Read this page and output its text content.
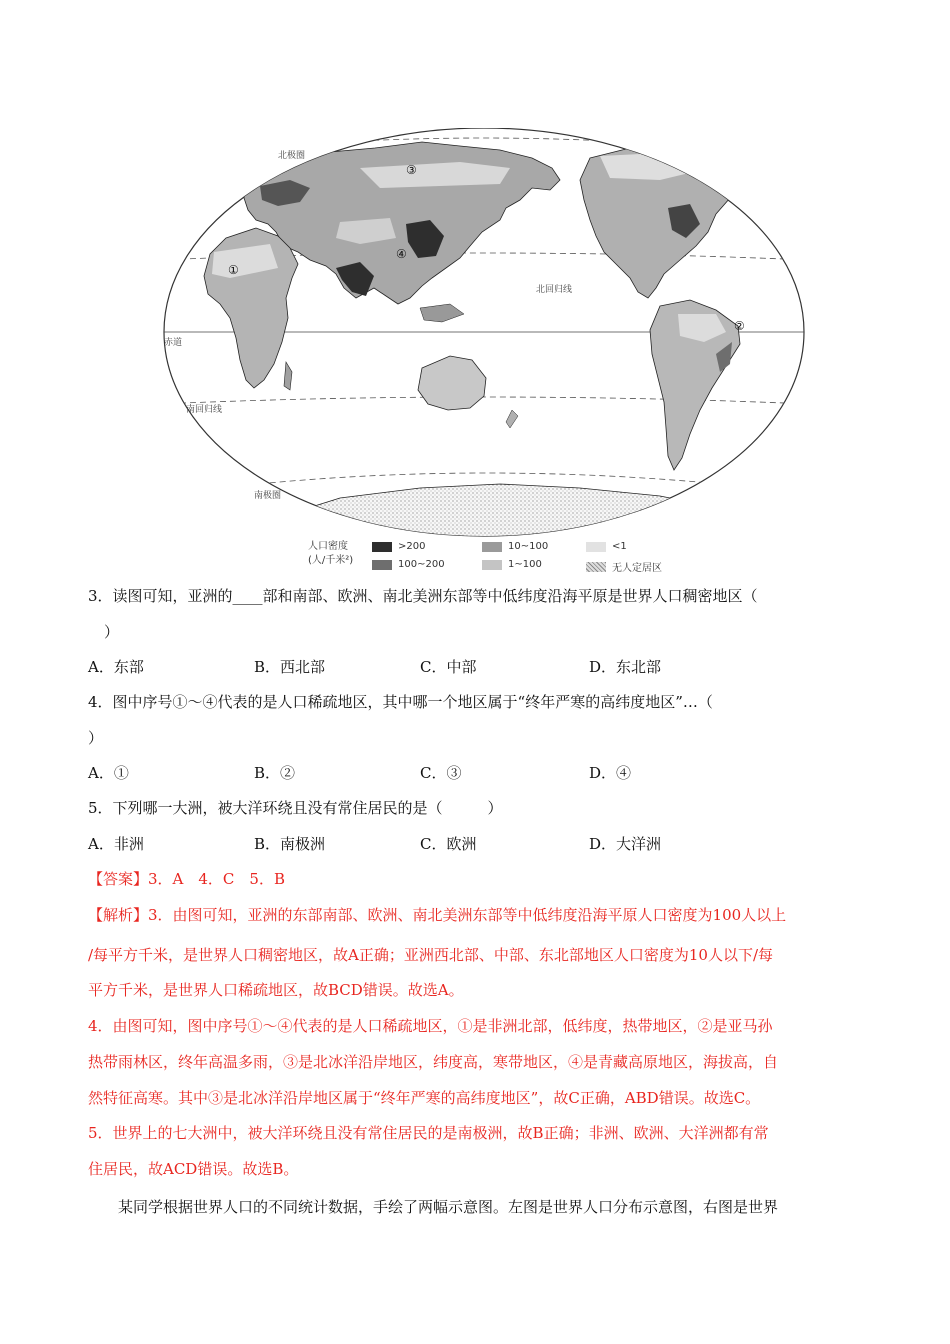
北极圈
北回归线
赤道
南回归线
南极圈
①
②
③
④
人口密度
(人/千米²)
>200
100~200
10~100
1~100
<1
无人定居区
3．读图可知，亚洲的____部和南部、欧洲、南北美洲东部等中低纬度沿海平原是世界人口稠密地区（
）
A．东部	B．西北部	C．中部	D．东北部
4．图中序号①～④代表的是人口稀疏地区，其中哪一个地区属于“终年严寒的高纬度地区”…（
）
A．①	B．②	C．③	D．④
5．下列哪一大洲，被大洋环绕且没有常住居民的是（　　　）
A．非洲	B．南极洲	C．欧洲	D．大洋洲
【答案】3．A　4．C　5．B
【解析】3．由图可知，亚洲的东部南部、欧洲、南北美洲东部等中低纬度沿海平原人口密度为100人以上
/每平方千米，是世界人口稠密地区，故A正确；亚洲西北部、中部、东北部地区人口密度为10人以下/每
平方千米，是世界人口稀疏地区，故BCD错误。故选A。
4．由图可知，图中序号①～④代表的是人口稀疏地区，①是非洲北部，低纬度，热带地区，②是亚马孙
热带雨林区，终年高温多雨，③是北冰洋沿岸地区，纬度高，寒带地区，④是青藏高原地区，海拔高，自
然特征高寒。其中③是北冰洋沿岸地区属于“终年严寒的高纬度地区”，故C正确，ABD错误。故选C。
5．世界上的七大洲中，被大洋环绕且没有常住居民的是南极洲，故B正确；非洲、欧洲、大洋洲都有常
住居民，故ACD错误。故选B。
某同学根据世界人口的不同统计数据，手绘了两幅示意图。左图是世界人口分布示意图，右图是世界
